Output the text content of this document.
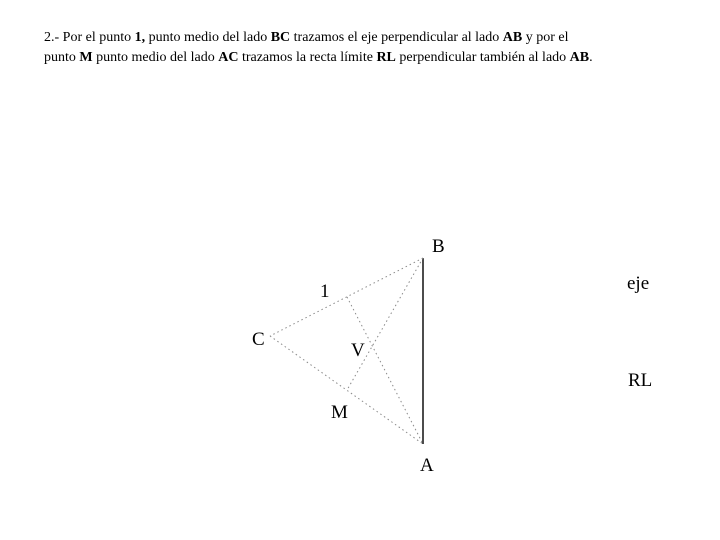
2.- Por el punto 1, punto medio del lado BC trazamos el eje perpendicular al lado AB y por el
punto M punto medio del lado AC trazamos la recta límite RL perpendicular también al lado AB.
B
A
C
1
V
M
eje
RL
